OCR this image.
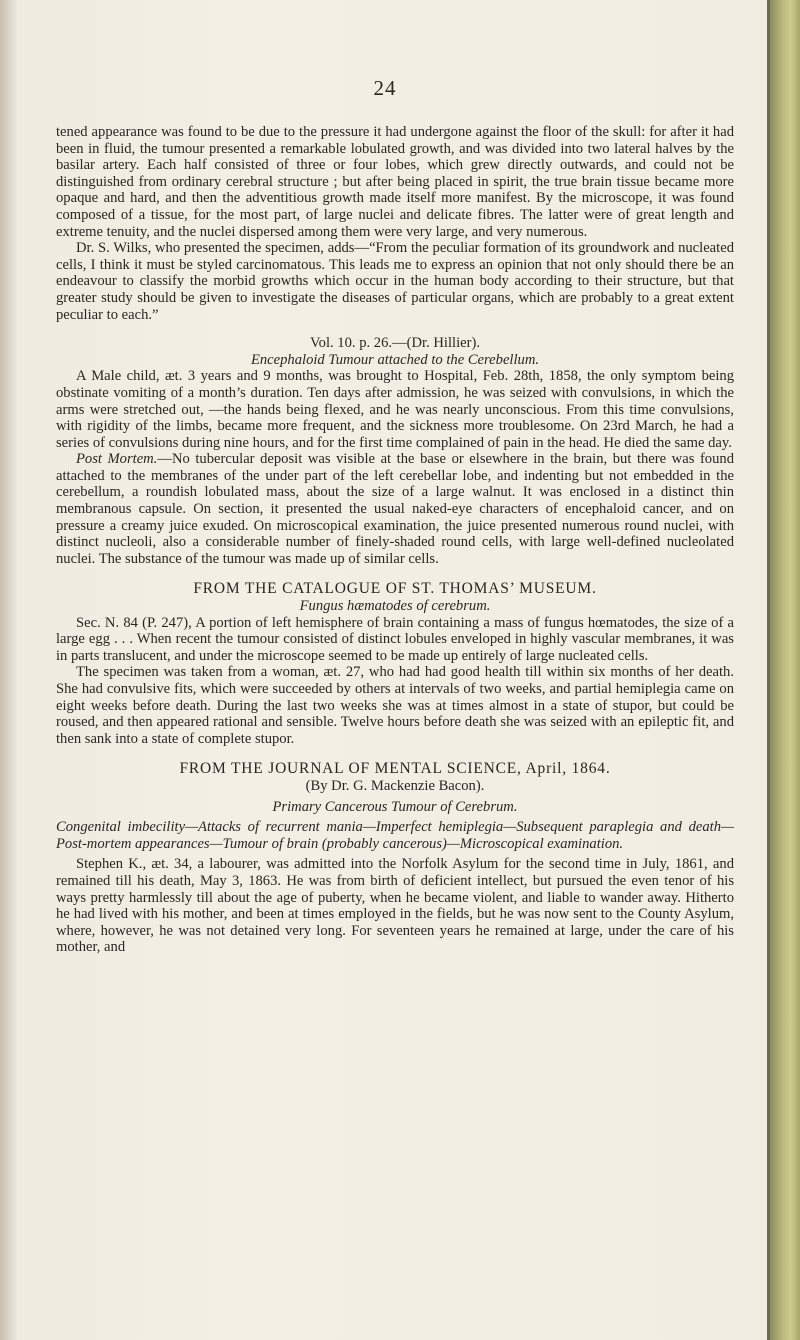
24

tened appearance was found to be due to the pressure it had undergone against the floor of the skull: for after it had been in fluid, the tumour presented a remarkable lobulated growth, and was divided into two lateral halves by the basilar artery. Each half consisted of three or four lobes, which grew directly outwards, and could not be distinguished from ordinary cerebral structure ; but after being placed in spirit, the true brain tissue became more opaque and hard, and then the adventitious growth made itself more manifest. By the microscope, it was found composed of a tissue, for the most part, of large nuclei and delicate fibres. The latter were of great length and extreme tenuity, and the nuclei dispersed among them were very large, and very numerous.

Dr. S. Wilks, who presented the specimen, adds—“From the peculiar formation of its groundwork and nucleated cells, I think it must be styled carcinomatous. This leads me to express an opinion that not only should there be an endeavour to classify the morbid growths which occur in the human body according to their structure, but that greater study should be given to investigate the diseases of particular organs, which are probably to a great extent peculiar to each.”

Vol. 10. p. 26.—(Dr. Hillier).

Encephaloid Tumour attached to the Cerebellum.

A Male child, æt. 3 years and 9 months, was brought to Hospital, Feb. 28th, 1858, the only symptom being obstinate vomiting of a month’s duration. Ten days after admission, he was seized with convulsions, in which the arms were stretched out, —the hands being flexed, and he was nearly unconscious. From this time convulsions, with rigidity of the limbs, became more frequent, and the sickness more troublesome. On 23rd March, he had a series of convulsions during nine hours, and for the first time complained of pain in the head. He died the same day.

Post Mortem.—No tubercular deposit was visible at the base or elsewhere in the brain, but there was found attached to the membranes of the under part of the left cerebellar lobe, and indenting but not embedded in the cerebellum, a roundish lobulated mass, about the size of a large walnut. It was enclosed in a distinct thin membranous capsule. On section, it presented the usual naked-eye characters of encephaloid cancer, and on pressure a creamy juice exuded. On microscopical examination, the juice presented numerous round nuclei, with distinct nucleoli, also a considerable number of finely-shaded round cells, with large well-defined nucleolated nuclei. The substance of the tumour was made up of similar cells.

FROM THE CATALOGUE OF ST. THOMAS’ MUSEUM.

Fungus hæmatodes of cerebrum.

Sec. N. 84 (P. 247), A portion of left hemisphere of brain containing a mass of fungus hœmatodes, the size of a large egg . . . When recent the tumour consisted of distinct lobules enveloped in highly vascular membranes, it was in parts translucent, and under the microscope seemed to be made up entirely of large nucleated cells.

The specimen was taken from a woman, æt. 27, who had had good health till within six months of her death. She had convulsive fits, which were succeeded by others at intervals of two weeks, and partial hemiplegia came on eight weeks before death. During the last two weeks she was at times almost in a state of stupor, but could be roused, and then appeared rational and sensible. Twelve hours before death she was seized with an epileptic fit, and then sank into a state of complete stupor.

FROM THE JOURNAL OF MENTAL SCIENCE, April, 1864.

(By Dr. G. Mackenzie Bacon).

Primary Cancerous Tumour of Cerebrum.

Congenital imbecility—Attacks of recurrent mania—Imperfect hemiplegia—Subsequent paraplegia and death—Post-mortem appearances—Tumour of brain (probably cancerous)—Microscopical examination.

Stephen K., æt. 34, a labourer, was admitted into the Norfolk Asylum for the second time in July, 1861, and remained till his death, May 3, 1863. He was from birth of deficient intellect, but pursued the even tenor of his ways pretty harmlessly till about the age of puberty, when he became violent, and liable to wander away. Hitherto he had lived with his mother, and been at times employed in the fields, but he was now sent to the County Asylum, where, however, he was not detained very long. For seventeen years he remained at large, under the care of his mother, and
